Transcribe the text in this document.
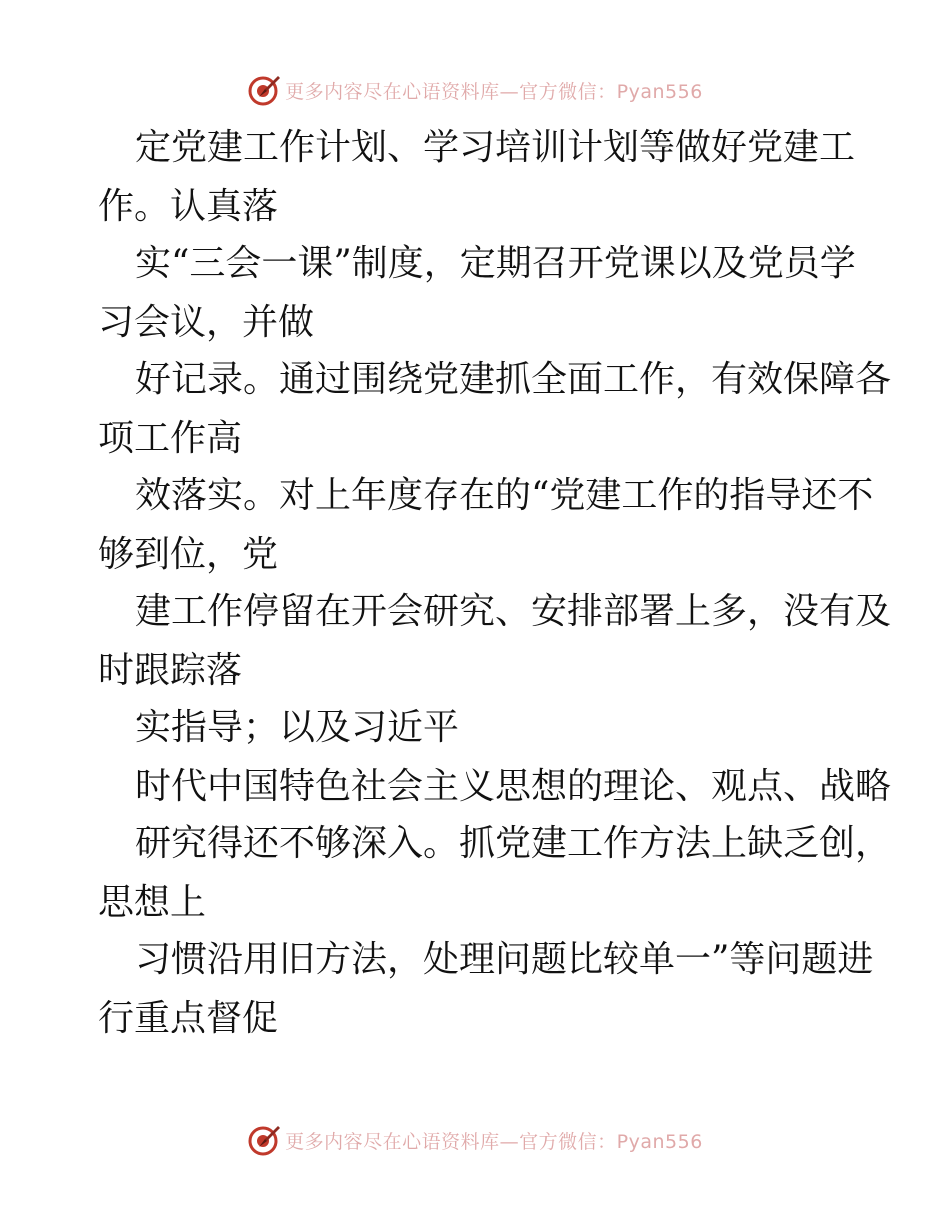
更多内容尽在心语资料库—官方微信：Pyan556
定党建工作计划、学习培训计划等做好党建工
作。认真落
实“三会一课”制度，定期召开党课以及党员学
习会议，并做
好记录。通过围绕党建抓全面工作，有效保障各
项工作高
效落实。对上年度存在的“党建工作的指导还不
够到位，党
建工作停留在开会研究、安排部署上多，没有及
时跟踪落
实指导；以及习近平
时代中国特色社会主义思想的理论、观点、战略
研究得还不够深入。抓党建工作方法上缺乏创，
思想上
习惯沿用旧方法，处理问题比较单一”等问题进
行重点督促
更多内容尽在心语资料库—官方微信：Pyan556
